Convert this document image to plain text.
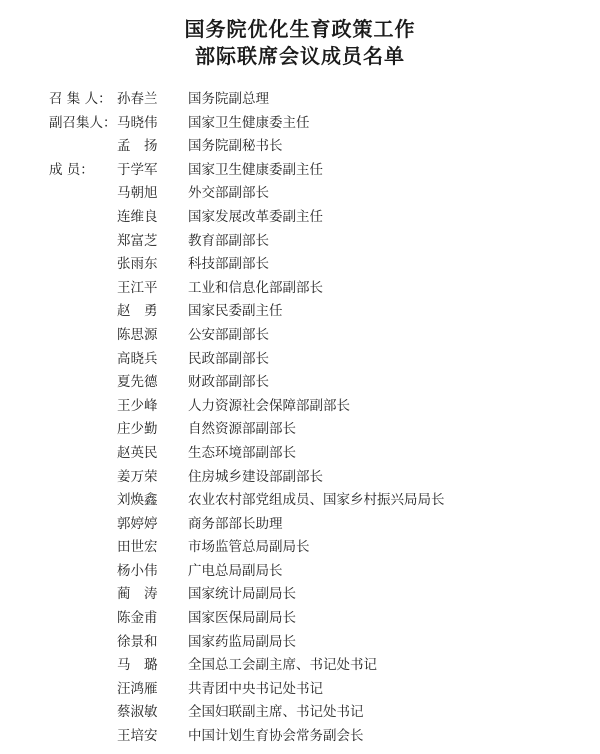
国务院优化生育政策工作
部际联席会议成员名单
召 集 人： 孙春兰	国务院副总理
副召集人： 马晓伟	国家卫生健康委主任
孟　扬	国务院副秘书长
成 员：	于学军	国家卫生健康委副主任
马朝旭	外交部副部长
连维良	国家发展改革委副主任
郑富芝	教育部副部长
张雨东	科技部副部长
王江平	工业和信息化部副部长
赵　勇	国家民委副主任
陈思源	公安部副部长
高晓兵	民政部副部长
夏先德	财政部副部长
王少峰	人力资源社会保障部副部长
庄少勤	自然资源部副部长
赵英民	生态环境部副部长
姜万荣	住房城乡建设部副部长
刘焕鑫	农业农村部党组成员、国家乡村振兴局局长
郭婷婷	商务部部长助理
田世宏	市场监管总局副局长
杨小伟	广电总局副局长
蔺　涛	国家统计局副局长
陈金甫	国家医保局副局长
徐景和	国家药监局副局长
马　璐	全国总工会副主席、书记处书记
汪鸿雁	共青团中央书记处书记
蔡淑敏	全国妇联副主席、书记处书记
王培安	中国计划生育协会常务副会长
